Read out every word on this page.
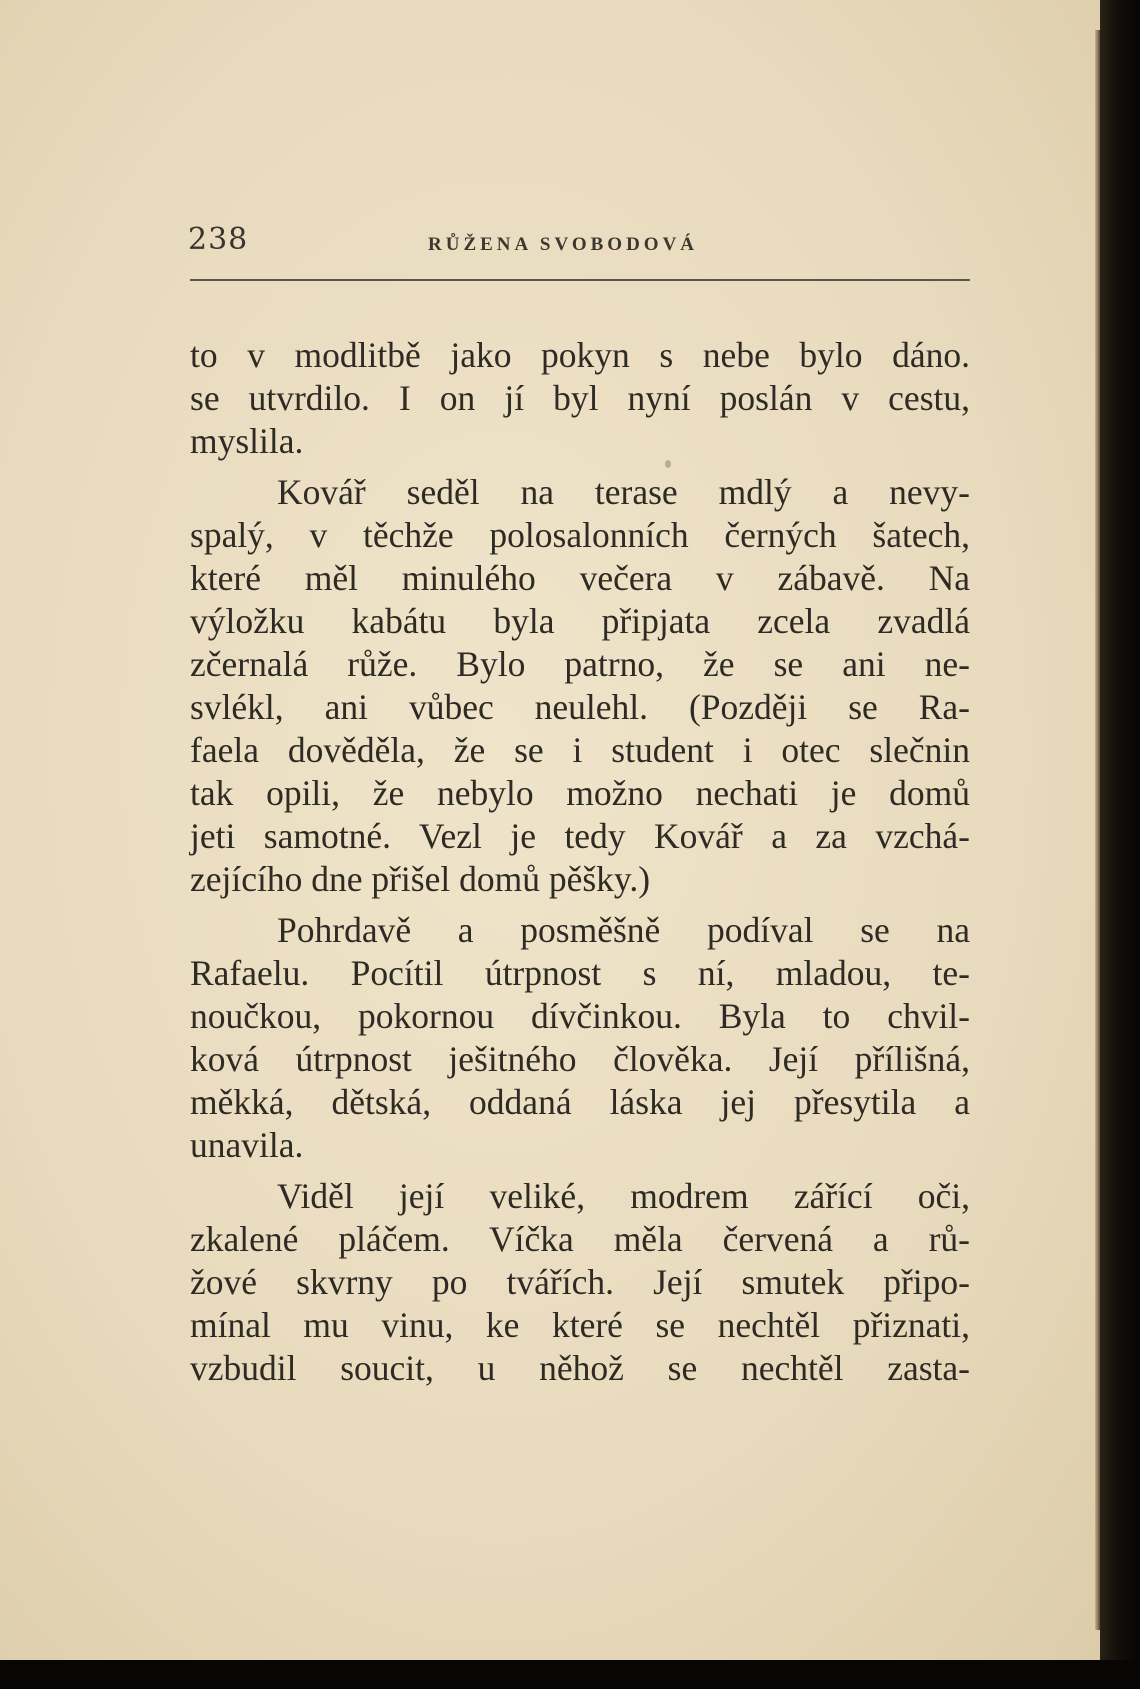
238	RŮŽENA SVOBODOVÁ
to v modlitbě jako pokyn s nebe bylo dáno.
se utvrdilo. I on jí byl nyní poslán v cestu,
myslila.
Kovář seděl na terase mdlý a nevy-
spalý, v těchže polosalonních černých šatech,
které měl minulého večera v zábavě. Na
výložku kabátu byla připjata zcela zvadlá
zčernalá růže. Bylo patrno, že se ani ne-
svlékl, ani vůbec neulehl. (Později se Ra-
faela dověděla, že se i student i otec slečnin
tak opili, že nebylo možno nechati je domů
jeti samotné. Vezl je tedy Kovář a za vzchá-
zejícího dne přišel domů pěšky.)
Pohrdavě a posměšně podíval se na
Rafaelu. Pocítil útrpnost s ní, mladou, te-
noučkou, pokornou dívčinkou. Byla to chvil-
ková útrpnost ješitného člověka. Její přílišná,
měkká, dětská, oddaná láska jej přesytila a
unavila.
Viděl její veliké, modrem zářící oči,
zkalené pláčem. Víčka měla červená a rů-
žové skvrny po tvářích. Její smutek připo-
mínal mu vinu, ke které se nechtěl přiznati,
vzbudil soucit, u něhož se nechtěl zasta-
